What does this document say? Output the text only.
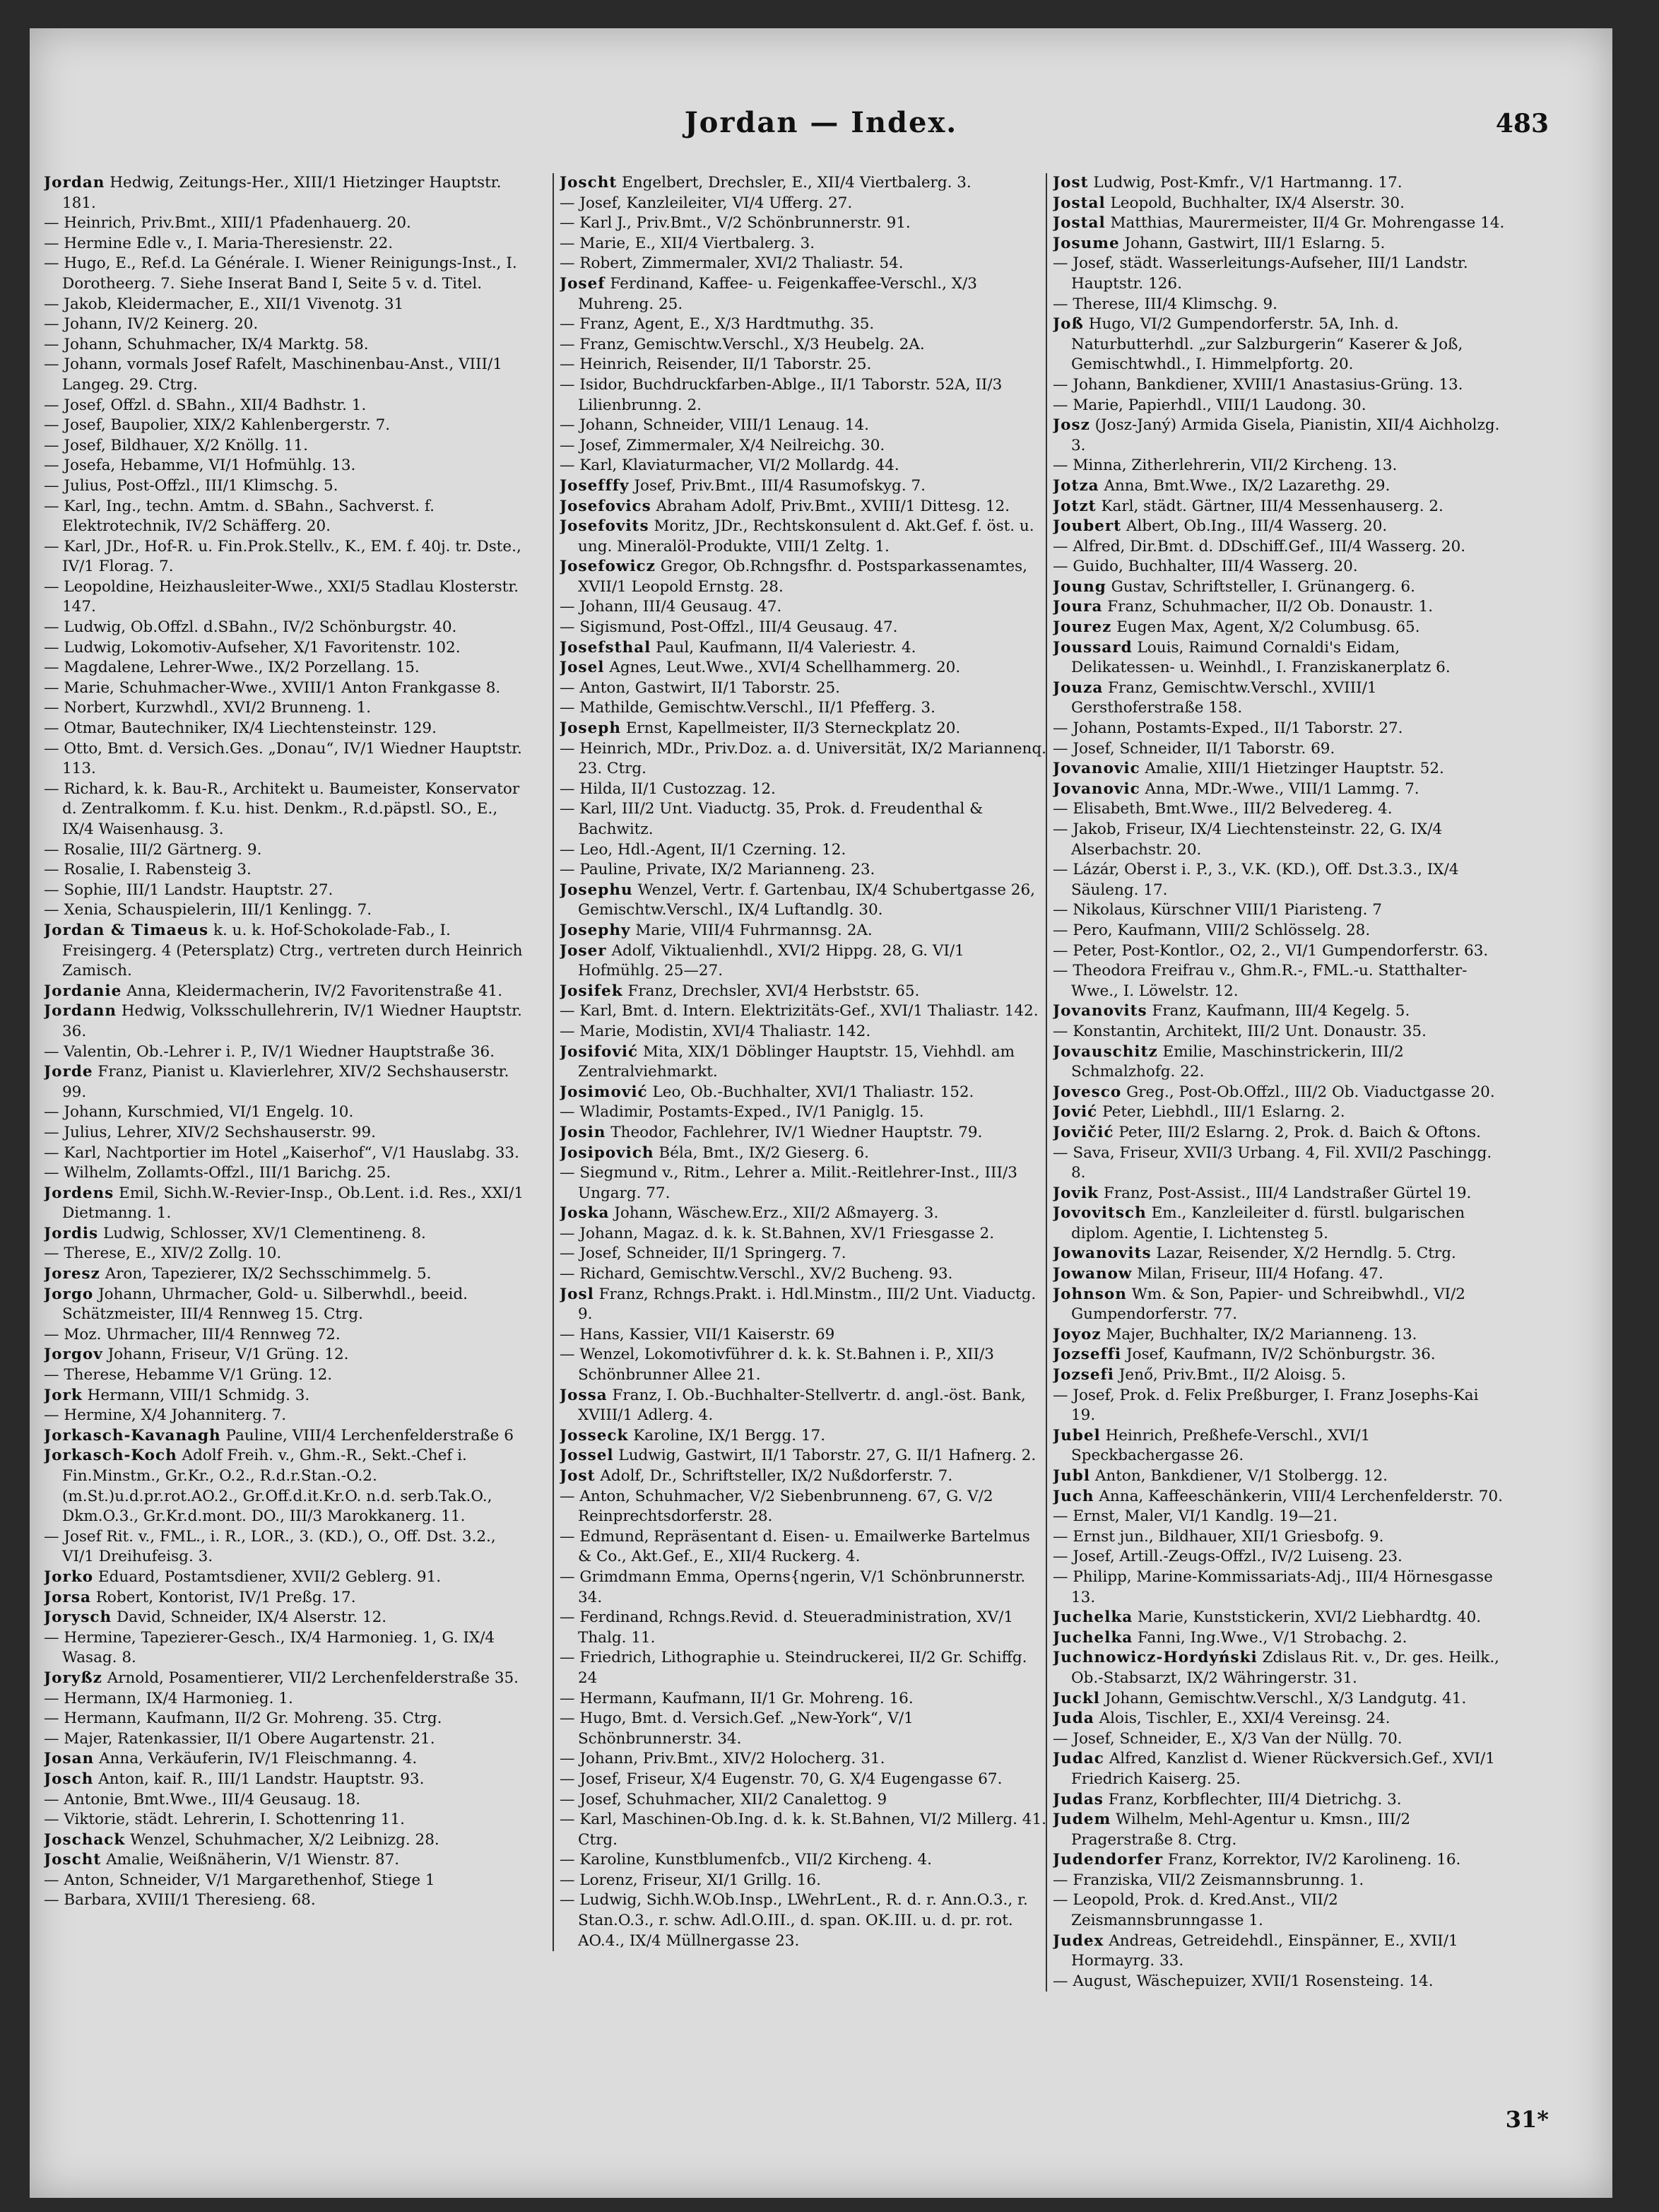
Jordan — Index.	483

Jordan Hedwig, Zeitungs-Her., XIII/1 Hietzinger Hauptstr. 181.

— Heinrich, Priv.Bmt., XIII/1 Pfadenhauerg. 20.

— Hermine Edle v., I. Maria-Theresienstr. 22.

— Hugo, E., Ref.d. La Générale. I. Wiener Reinigungs-Inst., I. Dorotheerg. 7. Siehe Inserat Band I, Seite 5 v. d. Titel.

— Jakob, Kleidermacher, E., XII/1 Vivenotg. 31

— Johann, IV/2 Keinerg. 20.

— Johann, Schuhmacher, IX/4 Marktg. 58.

— Johann, vormals Josef Rafelt, Maschinenbau-Anst., VIII/1 Langeg. 29. Ctrg.

— Josef, Offzl. d. SBahn., XII/4 Badhstr. 1.

— Josef, Baupolier, XIX/2 Kahlenbergerstr. 7.

— Josef, Bildhauer, X/2 Knöllg. 11.

— Josefa, Hebamme, VI/1 Hofmühlg. 13.

— Julius, Post-Offzl., III/1 Klimschg. 5.

— Karl, Ing., techn. Amtm. d. SBahn., Sachverst. f. Elektrotechnik, IV/2 Schäfferg. 20.

— Karl, JDr., Hof-R. u. Fin.Prok.Stellv., K., EM. f. 40j. tr. Dste., IV/1 Florag. 7.

— Leopoldine, Heizhausleiter-Wwe., XXI/5 Stadlau Klosterstr. 147.

— Ludwig, Ob.Offzl. d.SBahn., IV/2 Schönburgstr. 40.

— Ludwig, Lokomotiv-Aufseher, X/1 Favoritenstr. 102.

— Magdalene, Lehrer-Wwe., IX/2 Porzellang. 15.

— Marie, Schuhmacher-Wwe., XVIII/1 Anton Frankgasse 8.

— Norbert, Kurzwhdl., XVI/2 Brunneng. 1.

— Otmar, Bautechniker, IX/4 Liechtensteinstr. 129.

— Otto, Bmt. d. Versich.Ges. „Donau“, IV/1 Wiedner Hauptstr. 113.

— Richard, k. k. Bau-R., Architekt u. Baumeister, Konservator d. Zentralkomm. f. K.u. hist. Denkm., R.d.päpstl. SO., E., IX/4 Waisenhausg. 3.

— Rosalie, III/2 Gärtnerg. 9.

— Rosalie, I. Rabensteig 3.

— Sophie, III/1 Landstr. Hauptstr. 27.

— Xenia, Schauspielerin, III/1 Kenlingg. 7.

Jordan & Timaeus k. u. k. Hof-Schokolade-Fab., I. Freisingerg. 4 (Petersplatz) Ctrg., vertreten durch Heinrich Zamisch.

Jordanie Anna, Kleidermacherin, IV/2 Favoritenstraße 41.

Jordann Hedwig, Volksschullehrerin, IV/1 Wiedner Hauptstr. 36.

— Valentin, Ob.-Lehrer i. P., IV/1 Wiedner Hauptstraße 36.

Jorde Franz, Pianist u. Klavierlehrer, XIV/2 Sechshauserstr. 99.

— Johann, Kurschmied, VI/1 Engelg. 10.

— Julius, Lehrer, XIV/2 Sechshauserstr. 99.

— Karl, Nachtportier im Hotel „Kaiserhof“, V/1 Hauslabg. 33.

— Wilhelm, Zollamts-Offzl., III/1 Barichg. 25.

Jordens Emil, Sichh.W.-Revier-Insp., Ob.Lent. i.d. Res., XXI/1 Dietmanng. 1.

Jordis Ludwig, Schlosser, XV/1 Clementineng. 8.

— Therese, E., XIV/2 Zollg. 10.

Joresz Aron, Tapezierer, IX/2 Sechsschimmelg. 5.

Jorgo Johann, Uhrmacher, Gold- u. Silberwhdl., beeid. Schätzmeister, III/4 Rennweg 15. Ctrg.

— Moz. Uhrmacher, III/4 Rennweg 72.

Jorgov Johann, Friseur, V/1 Grüng. 12.

— Therese, Hebamme V/1 Grüng. 12.

Jork Hermann, VIII/1 Schmidg. 3.

— Hermine, X/4 Johanniterg. 7.

Jorkasch-Kavanagh Pauline, VIII/4 Lerchenfelderstraße 6

Jorkasch-Koch Adolf Freih. v., Ghm.-R., Sekt.-Chef i. Fin.Minstm., Gr.Kr., O.2., R.d.r.Stan.-O.2.(m.St.)u.d.pr.rot.AO.2., Gr.Off.d.it.Kr.O. n.d. serb.Tak.O., Dkm.O.3., Gr.Kr.d.mont. DO., III/3 Marokkanerg. 11.

— Josef Rit. v., FML., i. R., LOR., 3. (KD.), O., Off. Dst. 3.2., VI/1 Dreihufeisg. 3.

Jorko Eduard, Postamtsdiener, XVII/2 Geblerg. 91.

Jorsa Robert, Kontorist, IV/1 Preßg. 17.

Jorysch David, Schneider, IX/4 Alserstr. 12.

— Hermine, Tapezierer-Gesch., IX/4 Harmonieg. 1, G. IX/4 Wasag. 8.

Joryßz Arnold, Posamentierer, VII/2 Lerchenfelderstraße 35.

— Hermann, IX/4 Harmonieg. 1.

— Hermann, Kaufmann, II/2 Gr. Mohreng. 35. Ctrg.

— Majer, Ratenkassier, II/1 Obere Augartenstr. 21.

Josan Anna, Verkäuferin, IV/1 Fleischmanng. 4.

Josch Anton, kaif. R., III/1 Landstr. Hauptstr. 93.

— Antonie, Bmt.Wwe., III/4 Geusaug. 18.

— Viktorie, städt. Lehrerin, I. Schottenring 11.

Joschack Wenzel, Schuhmacher, X/2 Leibnizg. 28.

Joscht Amalie, Weißnäherin, V/1 Wienstr. 87.

— Anton, Schneider, V/1 Margarethenhof, Stiege 1

— Barbara, XVIII/1 Theresieng. 68.

Joscht Engelbert, Drechsler, E., XII/4 Viertbalerg. 3.

— Josef, Kanzleileiter, VI/4 Ufferg. 27.

— Karl J., Priv.Bmt., V/2 Schönbrunnerstr. 91.

— Marie, E., XII/4 Viertbalerg. 3.

— Robert, Zimmermaler, XVI/2 Thaliastr. 54.

Josef Ferdinand, Kaffee- u. Feigenkaffee-Verschl., X/3 Muhreng. 25.

— Franz, Agent, E., X/3 Hardtmuthg. 35.

— Franz, Gemischtw.Verschl., X/3 Heubelg. 2A.

— Heinrich, Reisender, II/1 Taborstr. 25.

— Isidor, Buchdruckfarben-Ablge., II/1 Taborstr. 52A, II/3 Lilienbrunng. 2.

— Johann, Schneider, VIII/1 Lenaug. 14.

— Josef, Zimmermaler, X/4 Neilreichg. 30.

— Karl, Klaviaturmacher, VI/2 Mollardg. 44.

Josefffy Josef, Priv.Bmt., III/4 Rasumofskyg. 7.

Josefovics Abraham Adolf, Priv.Bmt., XVIII/1 Dittesg. 12.

Josefovits Moritz, JDr., Rechtskonsulent d. Akt.Gef. f. öst. u. ung. Mineralöl-Produkte, VIII/1 Zeltg. 1.

Josefowicz Gregor, Ob.Rchngsfhr. d. Postsparkassenamtes, XVII/1 Leopold Ernstg. 28.

— Johann, III/4 Geusaug. 47.

— Sigismund, Post-Offzl., III/4 Geusaug. 47.

Josefsthal Paul, Kaufmann, II/4 Valeriestr. 4.

Josel Agnes, Leut.Wwe., XVI/4 Schellhammerg. 20.

— Anton, Gastwirt, II/1 Taborstr. 25.

— Mathilde, Gemischtw.Verschl., II/1 Pfefferg. 3.

Joseph Ernst, Kapellmeister, II/3 Sterneckplatz 20.

— Heinrich, MDr., Priv.Doz. a. d. Universität, IX/2 Mariannenq. 23. Ctrg.

— Hilda, II/1 Custozzag. 12.

— Karl, III/2 Unt. Viaductg. 35, Prok. d. Freudenthal & Bachwitz.

— Leo, Hdl.-Agent, II/1 Czerning. 12.

— Pauline, Private, IX/2 Marianneng. 23.

Josephu Wenzel, Vertr. f. Gartenbau, IX/4 Schubertgasse 26, Gemischtw.Verschl., IX/4 Luftandlg. 30.

Josephy Marie, VIII/4 Fuhrmannsg. 2A.

Joser Adolf, Viktualienhdl., XVI/2 Hippg. 28, G. VI/1 Hofmühlg. 25—27.

Josifek Franz, Drechsler, XVI/4 Herbststr. 65.

— Karl, Bmt. d. Intern. Elektrizitäts-Gef., XVI/1 Thaliastr. 142.

— Marie, Modistin, XVI/4 Thaliastr. 142.

Josifović Mita, XIX/1 Döblinger Hauptstr. 15, Viehhdl. am Zentralviehmarkt.

Josimović Leo, Ob.-Buchhalter, XVI/1 Thaliastr. 152.

— Wladimir, Postamts-Exped., IV/1 Paniglg. 15.

Josin Theodor, Fachlehrer, IV/1 Wiedner Hauptstr. 79.

Josipovich Béla, Bmt., IX/2 Gieserg. 6.

— Siegmund v., Ritm., Lehrer a. Milit.-Reitlehrer-Inst., III/3 Ungarg. 77.

Joska Johann, Wäschew.Erz., XII/2 Aßmayerg. 3.

— Johann, Magaz. d. k. k. St.Bahnen, XV/1 Friesgasse 2.

— Josef, Schneider, II/1 Springerg. 7.

— Richard, Gemischtw.Verschl., XV/2 Bucheng. 93.

Josl Franz, Rchngs.Prakt. i. Hdl.Minstm., III/2 Unt. Viaductg. 9.

— Hans, Kassier, VII/1 Kaiserstr. 69

— Wenzel, Lokomotivführer d. k. k. St.Bahnen i. P., XII/3 Schönbrunner Allee 21.

Jossa Franz, I. Ob.-Buchhalter-Stellvertr. d. angl.-öst. Bank, XVIII/1 Adlerg. 4.

Josseck Karoline, IX/1 Bergg. 17.

Jossel Ludwig, Gastwirt, II/1 Taborstr. 27, G. II/1 Hafnerg. 2.

Jost Adolf, Dr., Schriftsteller, IX/2 Nußdorferstr. 7.

— Anton, Schuhmacher, V/2 Siebenbrunneng. 67, G. V/2 Reinprechtsdorferstr. 28.

— Edmund, Repräsentant d. Eisen- u. Emailwerke Bartelmus & Co., Akt.Gef., E., XII/4 Ruckerg. 4.

— Grimdmann Emma, Operns{ngerin, V/1 Schönbrunnerstr. 34.

— Ferdinand, Rchngs.Revid. d. Steueradministration, XV/1 Thalg. 11.

— Friedrich, Lithographie u. Steindruckerei, II/2 Gr. Schiffg. 24

— Hermann, Kaufmann, II/1 Gr. Mohreng. 16.

— Hugo, Bmt. d. Versich.Gef. „New-York“, V/1 Schönbrunnerstr. 34.

— Johann, Priv.Bmt., XIV/2 Holocherg. 31.

— Josef, Friseur, X/4 Eugenstr. 70, G. X/4 Eugengasse 67.

— Josef, Schuhmacher, XII/2 Canalettog. 9

— Karl, Maschinen-Ob.Ing. d. k. k. St.Bahnen, VI/2 Millerg. 41. Ctrg.

— Karoline, Kunstblumenfcb., VII/2 Kircheng. 4.

— Lorenz, Friseur, XI/1 Grillg. 16.

— Ludwig, Sichh.W.Ob.Insp., LWehrLent., R. d. r. Ann.O.3., r. Stan.O.3., r. schw. Adl.O.III., d. span. OK.III. u. d. pr. rot. AO.4., IX/4 Müllnergasse 23.

Jost Ludwig, Post-Kmfr., V/1 Hartmanng. 17.

Jostal Leopold, Buchhalter, IX/4 Alserstr. 30.

Jostal Matthias, Maurermeister, II/4 Gr. Mohrengasse 14.

Josume Johann, Gastwirt, III/1 Eslarng. 5.

— Josef, städt. Wasserleitungs-Aufseher, III/1 Landstr. Hauptstr. 126.

— Therese, III/4 Klimschg. 9.

Joß Hugo, VI/2 Gumpendorferstr. 5A, Inh. d. Naturbutterhdl. „zur Salzburgerin“ Kaserer & Joß, Gemischtwhdl., I. Himmelpfortg. 20.

— Johann, Bankdiener, XVIII/1 Anastasius-Grüng. 13.

— Marie, Papierhdl., VIII/1 Laudong. 30.

Josz (Josz-Janý) Armida Gisela, Pianistin, XII/4 Aichholzg. 3.

— Minna, Zitherlehrerin, VII/2 Kircheng. 13.

Jotza Anna, Bmt.Wwe., IX/2 Lazarethg. 29.

Jotzt Karl, städt. Gärtner, III/4 Messenhauserg. 2.

Joubert Albert, Ob.Ing., III/4 Wasserg. 20.

— Alfred, Dir.Bmt. d. DDschiff.Gef., III/4 Wasserg. 20.

— Guido, Buchhalter, III/4 Wasserg. 20.

Joung Gustav, Schriftsteller, I. Grünangerg. 6.

Joura Franz, Schuhmacher, II/2 Ob. Donaustr. 1.

Jourez Eugen Max, Agent, X/2 Columbusg. 65.

Joussard Louis, Raimund Cornaldi's Eidam, Delikatessen- u. Weinhdl., I. Franziskanerplatz 6.

Jouza Franz, Gemischtw.Verschl., XVIII/1 Gersthoferstraße 158.

— Johann, Postamts-Exped., II/1 Taborstr. 27.

— Josef, Schneider, II/1 Taborstr. 69.

Jovanovic Amalie, XIII/1 Hietzinger Hauptstr. 52.

Jovanovic Anna, MDr.-Wwe., VIII/1 Lammg. 7.

— Elisabeth, Bmt.Wwe., III/2 Belvedereg. 4.

— Jakob, Friseur, IX/4 Liechtensteinstr. 22, G. IX/4 Alserbachstr. 20.

— Lázár, Oberst i. P., 3., V.K. (KD.), Off. Dst.3.3., IX/4 Säuleng. 17.

— Nikolaus, Kürschner VIII/1 Piaristeng. 7

— Pero, Kaufmann, VIII/2 Schlösselg. 28.

— Peter, Post-Kontlor., O2, 2., VI/1 Gumpendorferstr. 63.

— Theodora Freifrau v., Ghm.R.-, FML.-u. Statthalter-Wwe., I. Löwelstr. 12.

Jovanovits Franz, Kaufmann, III/4 Kegelg. 5.

— Konstantin, Architekt, III/2 Unt. Donaustr. 35.

Jovauschitz Emilie, Maschinstrickerin, III/2 Schmalzhofg. 22.

Jovesco Greg., Post-Ob.Offzl., III/2 Ob. Viaductgasse 20.

Jović Peter, Liebhdl., III/1 Eslarng. 2.

Jovičić Peter, III/2 Eslarng. 2, Prok. d. Baich & Oftons.

— Sava, Friseur, XVII/3 Urbang. 4, Fil. XVII/2 Paschingg. 8.

Jovik Franz, Post-Assist., III/4 Landstraßer Gürtel 19.

Jovovitsch Em., Kanzleileiter d. fürstl. bulgarischen diplom. Agentie, I. Lichtensteg 5.

Jowanovits Lazar, Reisender, X/2 Herndlg. 5. Ctrg.

Jowanow Milan, Friseur, III/4 Hofang. 47.

Johnson Wm. & Son, Papier- und Schreibwhdl., VI/2 Gumpendorferstr. 77.

Joyoz Majer, Buchhalter, IX/2 Marianneng. 13.

Jozseffi Josef, Kaufmann, IV/2 Schönburgstr. 36.

Jozsefi Jenő, Priv.Bmt., II/2 Aloisg. 5.

— Josef, Prok. d. Felix Preßburger, I. Franz Josephs-Kai 19.

Jubel Heinrich, Preßhefe-Verschl., XVI/1 Speckbachergasse 26.

Jubl Anton, Bankdiener, V/1 Stolbergg. 12.

Juch Anna, Kaffeeschänkerin, VIII/4 Lerchenfelderstr. 70.

— Ernst, Maler, VI/1 Kandlg. 19—21.

— Ernst jun., Bildhauer, XII/1 Griesbofg. 9.

— Josef, Artill.-Zeugs-Offzl., IV/2 Luiseng. 23.

— Philipp, Marine-Kommissariats-Adj., III/4 Hörnesgasse 13.

Juchelka Marie, Kunststickerin, XVI/2 Liebhardtg. 40.

Juchelka Fanni, Ing.Wwe., V/1 Strobachg. 2.

Juchnowicz-Hordyński Zdislaus Rit. v., Dr. ges. Heilk., Ob.-Stabsarzt, IX/2 Währingerstr. 31.

Juckl Johann, Gemischtw.Verschl., X/3 Landgutg. 41.

Juda Alois, Tischler, E., XXI/4 Vereinsg. 24.

— Josef, Schneider, E., X/3 Van der Nüllg. 70.

Judac Alfred, Kanzlist d. Wiener Rückversich.Gef., XVI/1 Friedrich Kaiserg. 25.

Judas Franz, Korbflechter, III/4 Dietrichg. 3.

Judem Wilhelm, Mehl-Agentur u. Kmsn., III/2 Pragerstraße 8. Ctrg.

Judendorfer Franz, Korrektor, IV/2 Karolineng. 16.

— Franziska, VII/2 Zeismannsbrunng. 1.

— Leopold, Prok. d. Kred.Anst., VII/2 Zeismannsbrunngasse 1.

Judex Andreas, Getreidehdl., Einspänner, E., XVII/1 Hormayrg. 33.

— August, Wäschepuizer, XVII/1 Rosensteing. 14.

31*
